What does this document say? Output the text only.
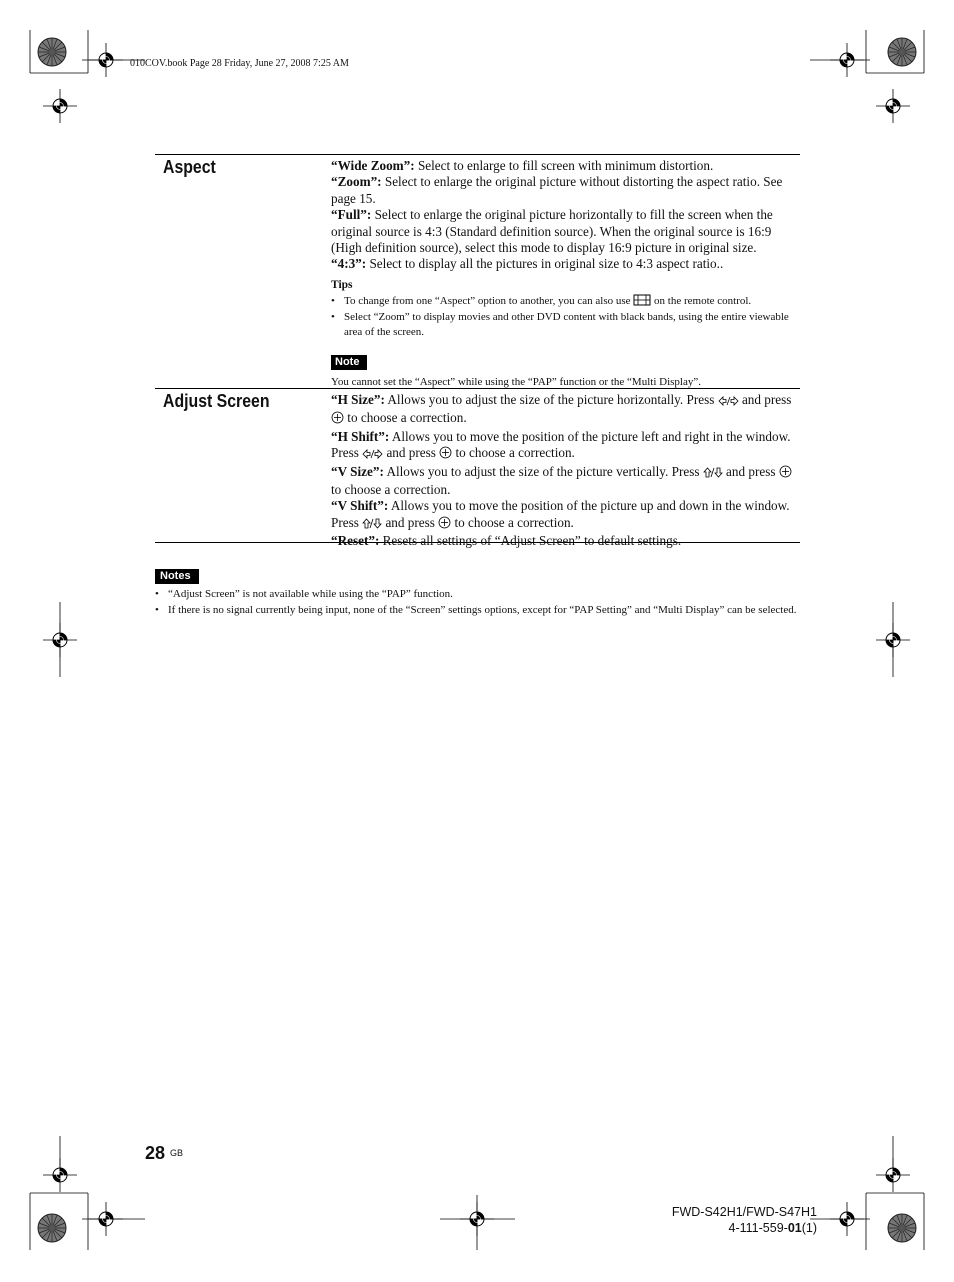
010COV.book Page 28 Friday, June 27, 2008 7:25 AM
Aspect	“Wide Zoom”: Select to enlarge to fill screen with minimum distortion.

“Zoom”: Select to enlarge the original picture without distorting the aspect ratio. See page 15.

“Full”: Select to enlarge the original picture horizontally to fill the screen when the original source is 4:3 (Standard definition source). When the original source is 16:9 (High definition source), select this mode to display 16:9 picture in original size.

“4:3”: Select to display all the pictures in original size to 4:3 aspect ratio..

Tips
• To change from one “Aspect” option to another, you can also use  on the remote control.
• Select “Zoom” to display movies and other DVD content with black bands, using the entire viewable area of the screen.
Note
You cannot set the “Aspect” while using the “PAP” function or the “Multi Display”.
Adjust Screen	“H Size”: Allows you to adjust the size of the picture horizontally. Press  and press  to choose a correction.

“H Shift”: Allows you to move the position of the picture left and right in the window. Press  and press  to choose a correction.

“V Size”: Allows you to adjust the size of the picture vertically. Press  and press  to choose a correction.

“V Shift”: Allows you to move the position of the picture up and down in the window. Press  and press  to choose a correction.

“Reset”: Resets all settings of “Adjust Screen” to default settings.

Notes
• “Adjust Screen” is not available while using the “PAP” function.
• If there is no signal currently being input, none of the “Screen” settings options, except for “PAP Setting” and “Multi Display” can be selected.
28 GB
FWD-S42H1/FWD-S47H1
4-111-559-01(1)
